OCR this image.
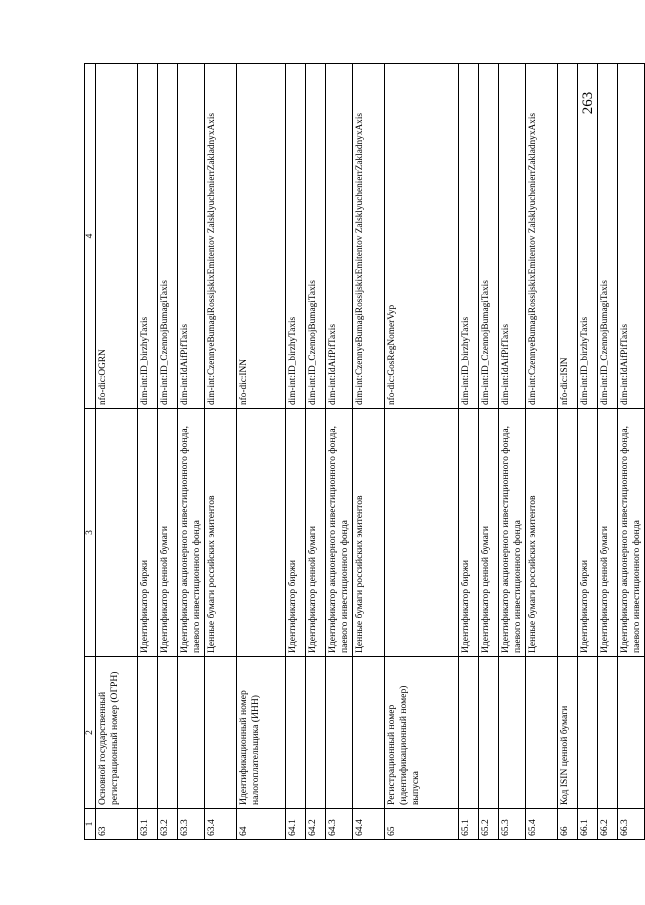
263
1	2	3	4
63	Основной государственный регистрационный номер (ОГРН)		nfo-dic:OGRN
63.1		Идентификатор биржи	dim-int:ID_birzhyTaxis
63.2		Идентификатор ценной бумаги	dim-int:ID_CzennojBumagiTaxis
63.3		Идентификатор акционерного инвестиционного фонда, паевого инвестиционного фонда	dim-int:IdAifPifTaxis
63.4		Ценные бумаги российских эмитентов	dim-int:CzennyeBumagiRossijskixEmitentov ZalsklyuchenierrZakladnyxAxis
64	Идентификационный номер налогоплательщика (ИНН)		nfo-dic:INN
64.1		Идентификатор биржи	dim-int:ID_birzhyTaxis
64.2		Идентификатор ценной бумаги	dim-int:ID_CzennojBumagiTaxis
64.3		Идентификатор акционерного инвестиционного фонда, паевого инвестиционного фонда	dim-int:IdAifPifTaxis
64.4		Ценные бумаги российских эмитентов	dim-int:CzennyeBumagiRossijskixEmitentov ZalsklyuchenierrZakladnyxAxis
65	Регистрационный номер (идентификационный номер) выпуска		nfo-dic:GosRegNomerVyp
65.1		Идентификатор биржи	dim-int:ID_birzhyTaxis
65.2		Идентификатор ценной бумаги	dim-int:ID_CzennojBumagiTaxis
65.3		Идентификатор акционерного инвестиционного фонда, паевого инвестиционного фонда	dim-int:IdAifPifTaxis
65.4		Ценные бумаги российских эмитентов	dim-int:CzennyeBumagiRossijskixEmitentov ZalsklyuchenierrZakladnyxAxis
66	Код ISIN ценной бумаги		nfo-dic:ISIN
66.1		Идентификатор биржи	dim-int:ID_birzhyTaxis
66.2		Идентификатор ценной бумаги	dim-int:ID_CzennojBumagiTaxis
66.3		Идентификатор акционерного инвестиционного фонда, паевого инвестиционного фонда	dim-int:IdAifPifTaxis
